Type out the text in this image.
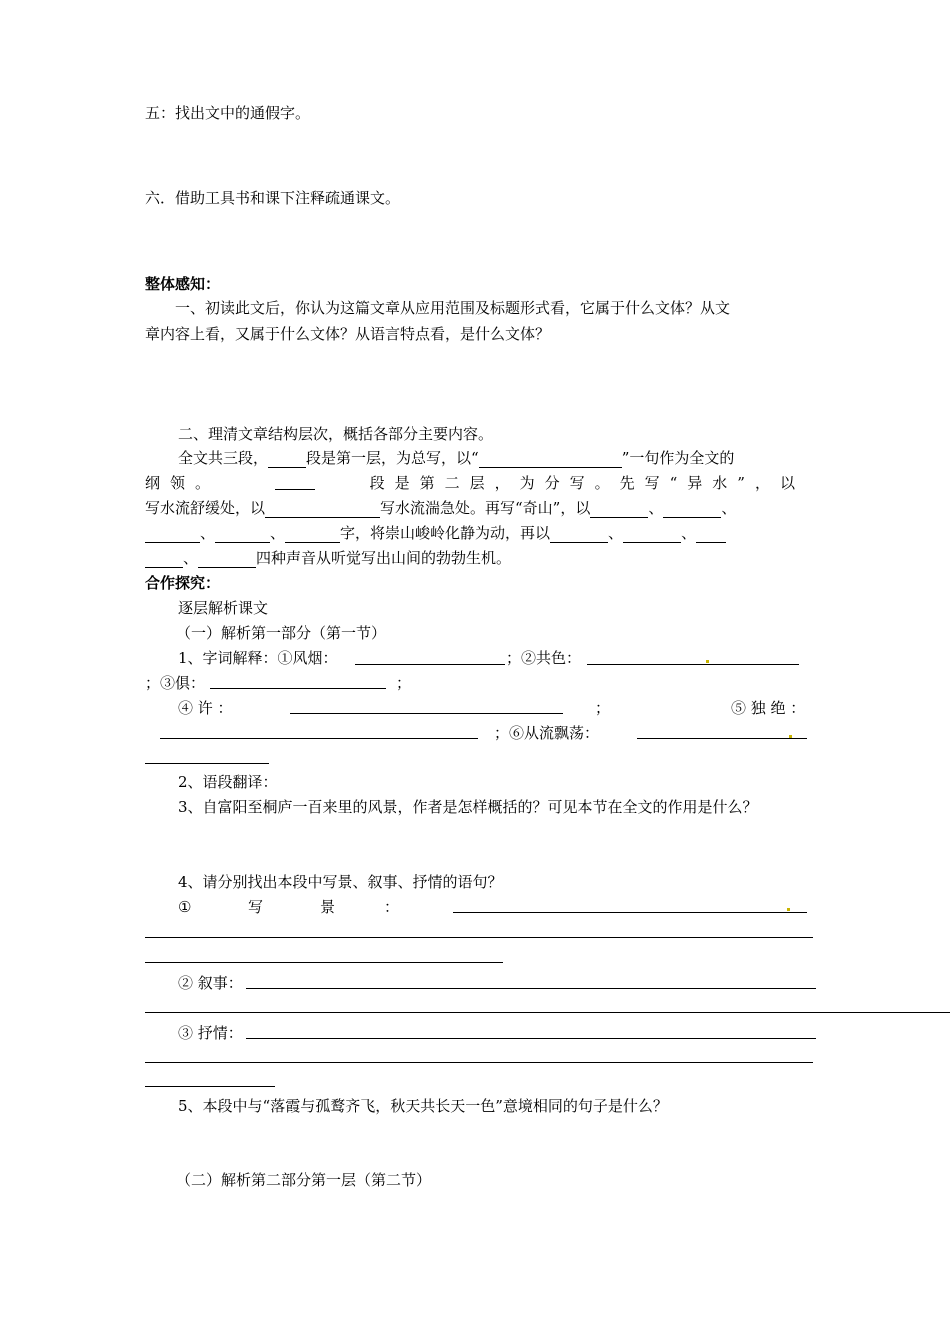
五：找出文中的通假字。
六．借助工具书和课下注释疏通课文。
整体感知：
一、初读此文后，你认为这篇文章从应用范围及标题形式看，它属于什么文体？从文
章内容上看，又属于什么文体？从语言特点看，是什么文体？
二、理清文章结构层次，概括各部分主要内容。
全文共三段，	段是第一层，为总写，以“	”一句作为全文的
纲领。	段是第二层，为分写。先写“异水”，以
写水流舒缓处，以	写水流湍急处。再写“奇山”，以	、	、
、	、	字，将崇山峻岭化静为动，再以	、	、
、	四种声音从听觉写出山间的勃勃生机。
合作探究：
逐层解析课文
（一）解析第一部分（第一节）
1、字词解释：①风烟：	；②共色：
；③俱：	；
④ 许 ：	；	⑤ 独 绝 ：
；⑥从流飘荡：
2、语段翻译：
3、自富阳至桐庐一百来里的风景，作者是怎样概括的？可见本节在全文的作用是什么？
4、请分别找出本段中写景、叙事、抒情的语句？
①	写	景	：
② 叙事：
③ 抒情：
5、本段中与“落霞与孤鹜齐飞，秋天共长天一色”意境相同的句子是什么？
（二）解析第二部分第一层（第二节）
